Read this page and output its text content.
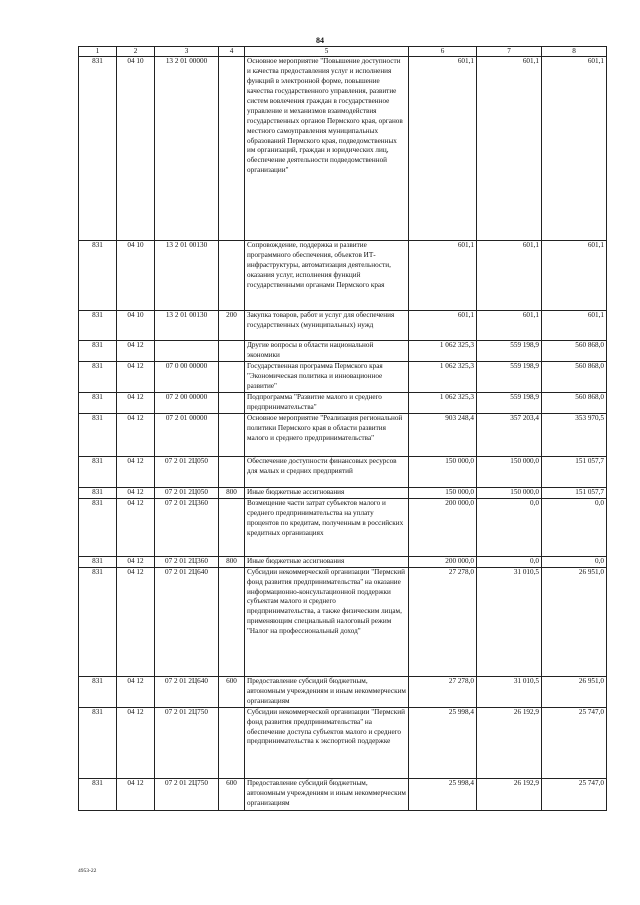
84
1	2	3	4	5	6	7	8
831	04 10	13 2 01 00000		Основное мероприятие "Повышение доступности и качества предоставления услуг и исполнения функций в электронной форме, повышение качества государственного управления, развитие систем вовлечения граждан в государственное управление и механизмов взаимодействия государственных органов Пермского края, органов местного самоуправления муниципальных образований Пермского края, подведомственных им организаций, граждан и юридических лиц, обеспечение деятельности подведомственной организации"	601,1	601,1	601,1
831	04 10	13 2 01 00130		Сопровождение, поддержка и развитие программного обеспечения, объектов ИТ-инфраструктуры, автоматизация деятельности, оказания услуг, исполнения функций государственными органами Пермского края	601,1	601,1	601,1
831	04 10	13 2 01 00130	200	Закупка товаров, работ и услуг для обеспечения государственных (муниципальных) нужд	601,1	601,1	601,1
831	04 12			Другие вопросы в области национальной экономики	1 062 325,3	559 198,9	560 868,0
831	04 12	07 0 00 00000		Государственная программа Пермского края "Экономическая политика и инновационное развитие"	1 062 325,3	559 198,9	560 868,0
831	04 12	07 2 00 00000		Подпрограмма "Развитие малого и среднего предпринимательства"	1 062 325,3	559 198,9	560 868,0
831	04 12	07 2 01 00000		Основное мероприятие "Реализация региональной политики Пермского края в области развития малого и среднего предпринимательства"	903 248,4	357 203,4	353 970,5
831	04 12	07 2 01 2Ц050		Обеспечение доступности финансовых ресурсов для малых и средних предприятий	150 000,0	150 000,0	151 057,7
831	04 12	07 2 01 2Ц050	800	Иные бюджетные ассигнования	150 000,0	150 000,0	151 057,7
831	04 12	07 2 01 2Ц360		Возмещение части затрат субъектов малого и среднего предпринимательства на уплату процентов по кредитам, полученным в российских кредитных организациях	200 000,0	0,0	0,0
831	04 12	07 2 01 2Ц360	800	Иные бюджетные ассигнования	200 000,0	0,0	0,0
831	04 12	07 2 01 2Ц640		Субсидии некоммерческой организации "Пермский фонд развития предпринимательства" на оказание информационно-консультационной поддержки субъектам малого и среднего предпринимательства, а также физическим лицам, применяющим специальный налоговый режим "Налог на профессиональный доход"	27 278,0	31 010,5	26 951,0
831	04 12	07 2 01 2Ц640	600	Предоставление субсидий бюджетным, автономным учреждениям и иным некоммерческим организациям	27 278,0	31 010,5	26 951,0
831	04 12	07 2 01 2Ц750		Субсидии некоммерческой организации "Пермский фонд развития предпринимательства" на обеспечение доступа субъектов малого и среднего предпринимательства к экспортной поддержке	25 998,4	26 192,9	25 747,0
831	04 12	07 2 01 2Ц750	600	Предоставление субсидий бюджетным, автономным учреждениям и иным некоммерческим организациям	25 998,4	26 192,9	25 747,0
4953-22
